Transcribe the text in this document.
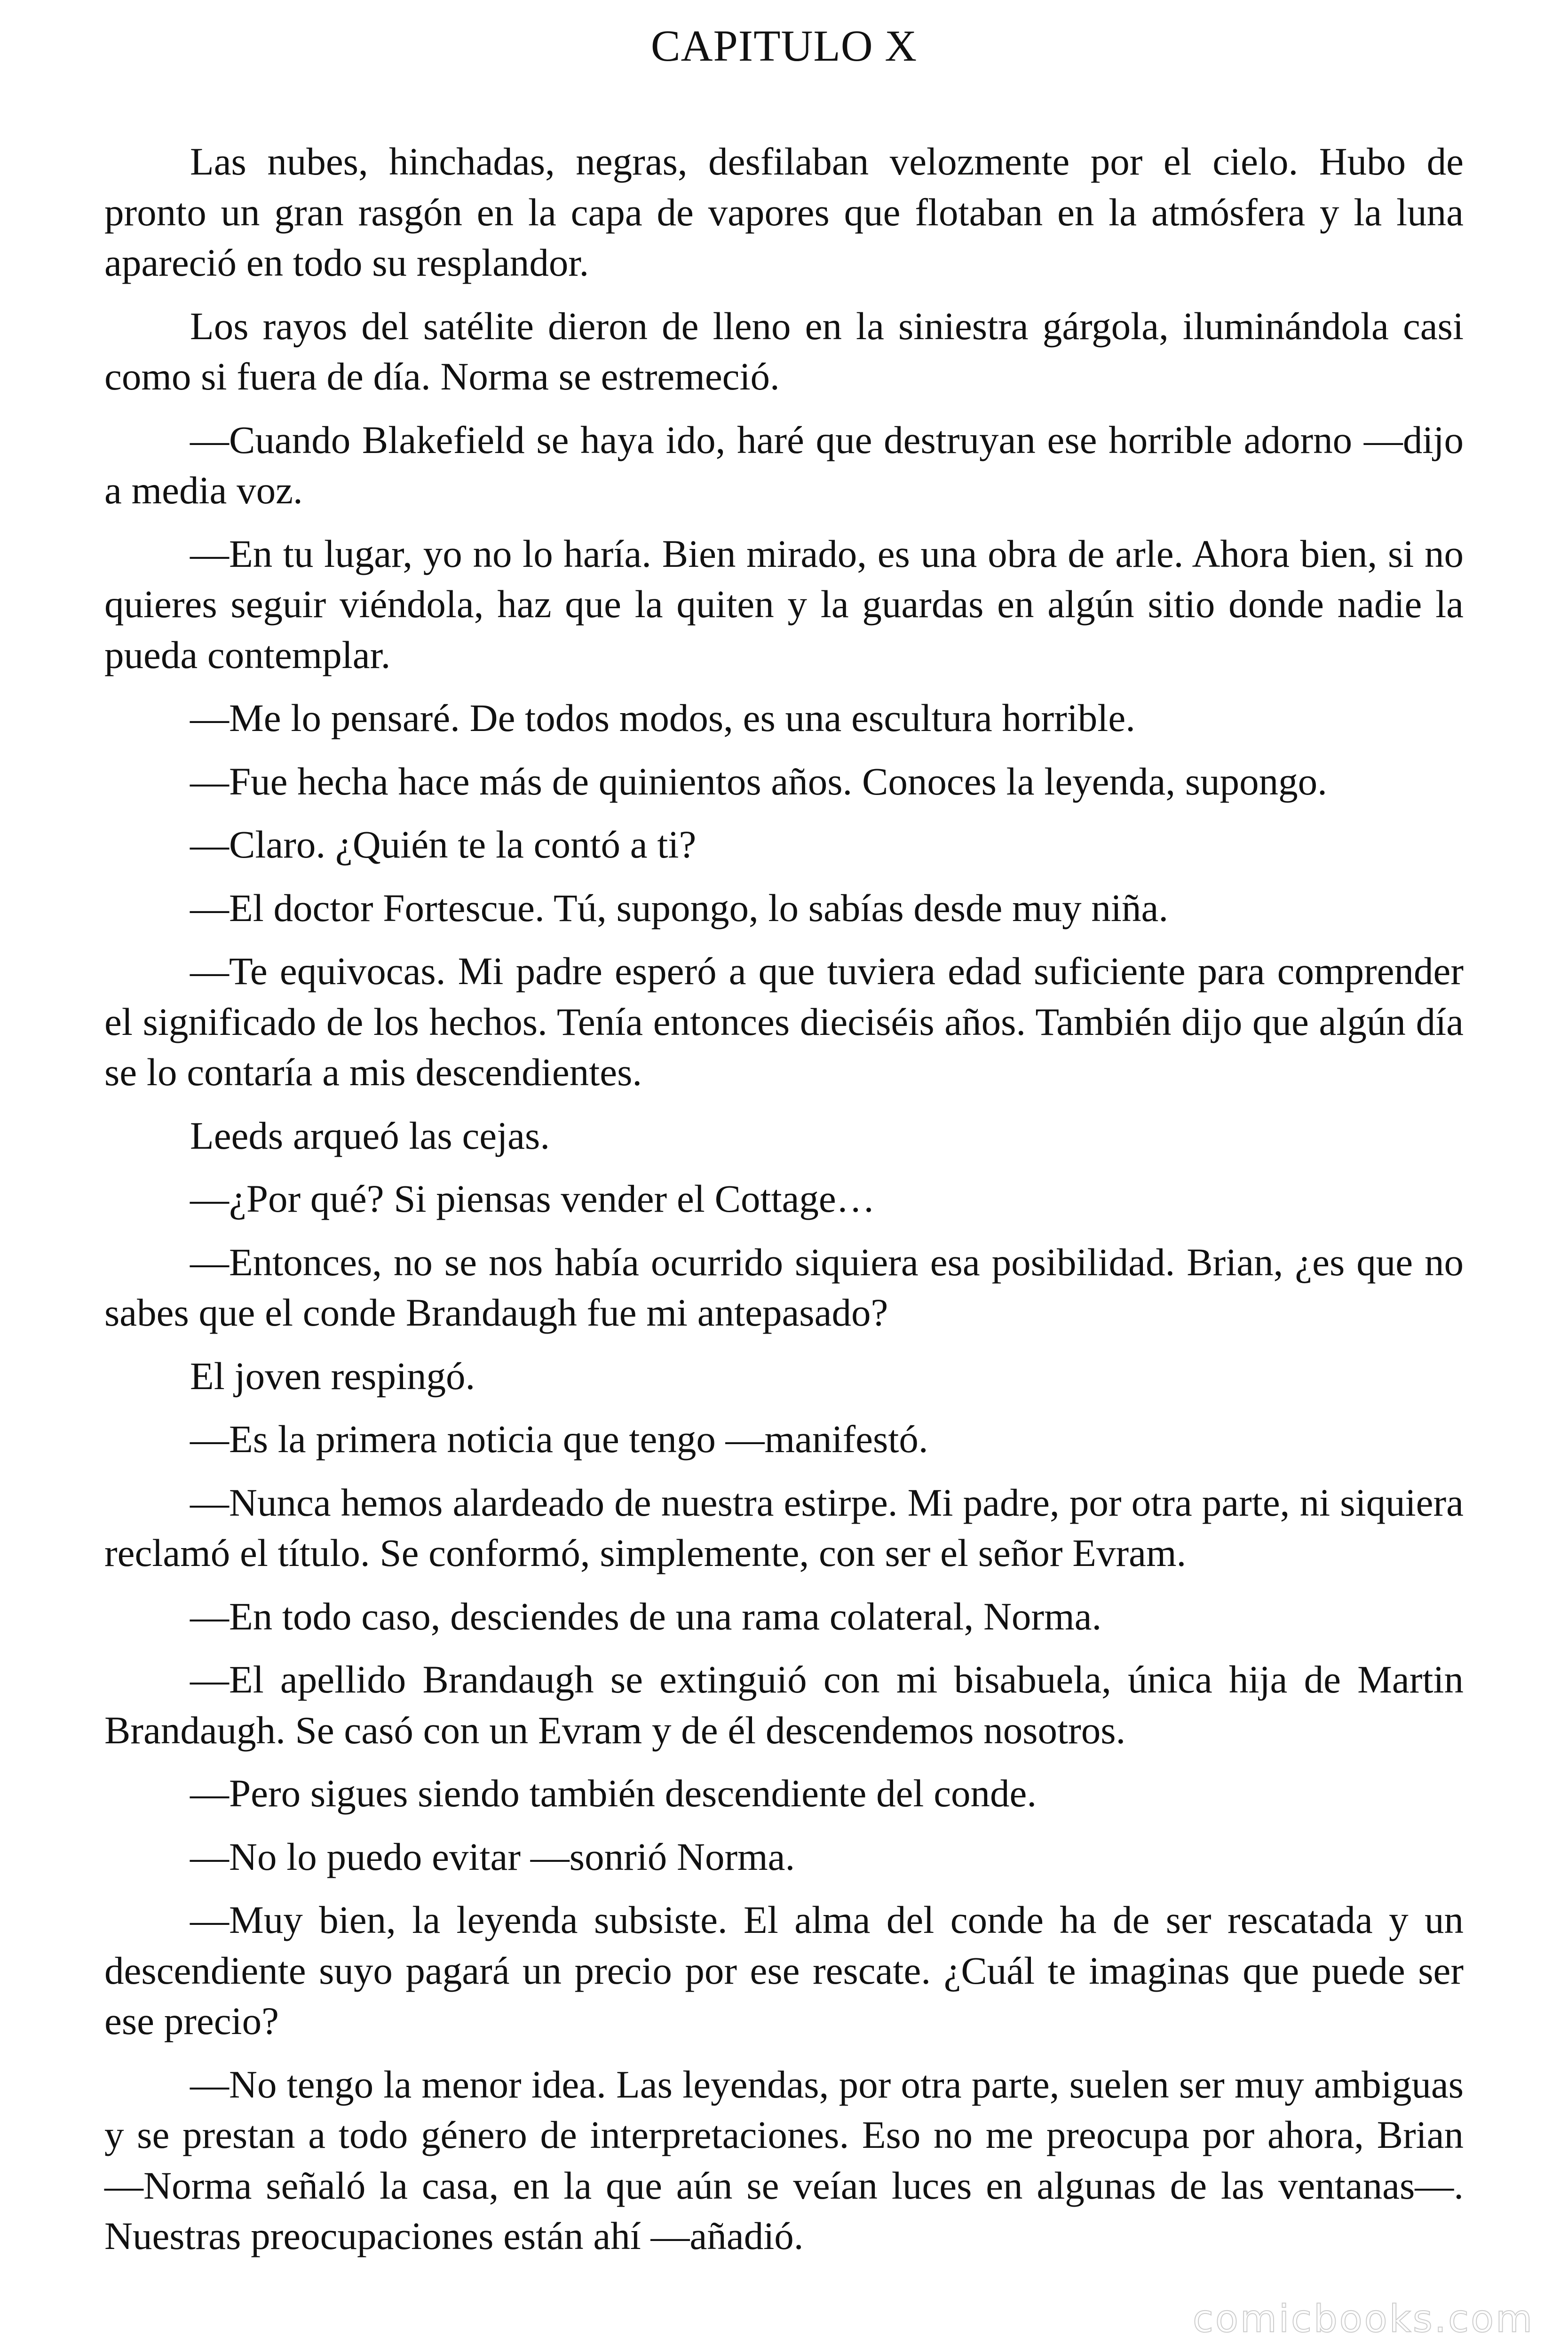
CAPITULO X

Las nubes, hinchadas, negras, desfilaban velozmente por el cielo. Hubo de pronto un gran rasgón en la capa de vapores que flotaban en la atmósfera y la luna apareció en todo su resplandor.

Los rayos del satélite dieron de lleno en la siniestra gárgola, iluminándola casi como si fuera de día. Norma se estremeció.

—Cuando Blakefield se haya ido, haré que destruyan ese horrible adorno —dijo a media voz.

—En tu lugar, yo no lo haría. Bien mirado, es una obra de arle. Ahora bien, si no quieres seguir viéndola, haz que la quiten y la guardas en algún sitio donde nadie la pueda contemplar.

—Me lo pensaré. De todos modos, es una escultura horrible.

—Fue hecha hace más de quinientos años. Conoces la leyenda, supongo.

—Claro. ¿Quién te la contó a ti?

—El doctor Fortescue. Tú, supongo, lo sabías desde muy niña.

—Te equivocas. Mi padre esperó a que tuviera edad suficiente para comprender el significado de los hechos. Tenía entonces dieciséis años. También dijo que algún día se lo contaría a mis descendientes.

Leeds arqueó las cejas.

—¿Por qué? Si piensas vender el Cottage…

—Entonces, no se nos había ocurrido siquiera esa posibilidad. Brian, ¿es que no sabes que el conde Brandaugh fue mi antepasado?

El joven respingó.

—Es la primera noticia que tengo —manifestó.

—Nunca hemos alardeado de nuestra estirpe. Mi padre, por otra parte, ni siquiera reclamó el título. Se conformó, simplemente, con ser el señor Evram.

—En todo caso, desciendes de una rama colateral, Norma.

—El apellido Brandaugh se extinguió con mi bisabuela, única hija de Martin Brandaugh. Se casó con un Evram y de él descendemos nosotros.

—Pero sigues siendo también descendiente del conde.

—No lo puedo evitar —sonrió Norma.

—Muy bien, la leyenda subsiste. El alma del conde ha de ser rescatada y un descendiente suyo pagará un precio por ese rescate. ¿Cuál te imaginas que puede ser ese precio?

—No tengo la menor idea. Las leyendas, por otra parte, suelen ser muy ambiguas y se prestan a todo género de interpretaciones. Eso no me preocupa por ahora, Brian —Norma señaló la casa, en la que aún se veían luces en algunas de las ventanas—. Nuestras preocupaciones están ahí —añadió.

comicbooks.com
